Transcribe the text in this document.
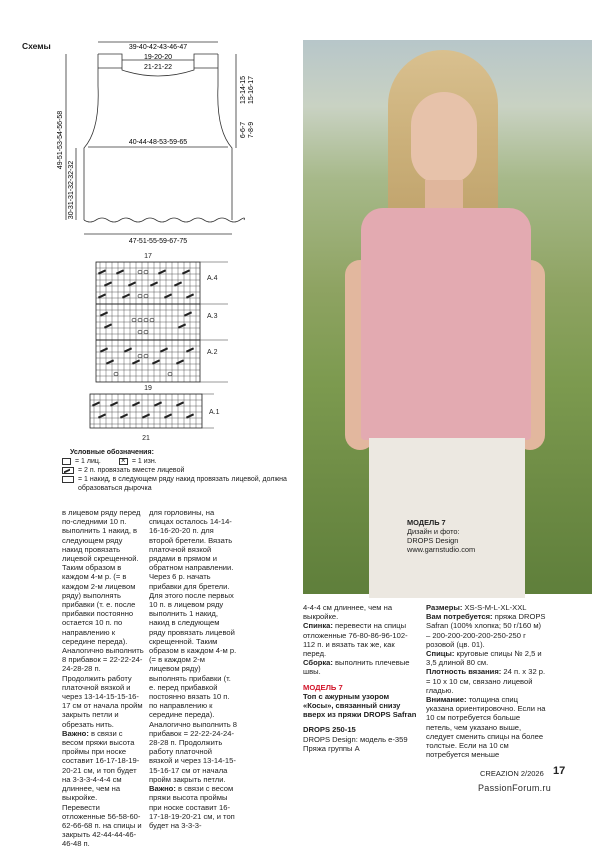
Схемы	39-40-42-43-46-47
19-20-20
21-21-22
40-44-48-53-59-65
47-51-55-59-67-75
13-14-15 15-16-17
6-6-7 7-8-9
49-51-53-54-56-58
30-31-31-32-32-32
17
19
21
A.4
A.3
A.2
A.1
Условные обозначения:
= 1 лиц.
×	= 1 изн.
= 2 п. провязать вместе лицевой
= 1 накид, в следующем ряду накид провязать лицевой, должна образоваться дырочка

в лицевом ряду перед по-следними 10 п. выполнить 1 накид, в следующем ряду накид провязать лицевой скрещенной. Таким образом в каждом 4-м р. (= в каждом 2-м лицевом ряду) выполнять прибавки (т. е. после прибавки постоянно остается 10 п. по направлению к середине переда). Аналогично выполнить 8 прибавок = 22-22-24-24-28-28 п.

Продолжить работу платочной вязкой и через 13-14-15-15-16-17 см от начала пройм закрыть петли и обрезать нить.

Важно: в связи с весом пряжи высота проймы при носке составит 16-17-18-19-20-21 см, и топ будет на 3-3-3-4-4-4 см длиннее, чем на выкройке.

Перевести отложенные 56-58-60-62-66-68 п. на спицы и закрыть 42-44-44-46-46-48 п.

для горловины, на спицах осталось 14-14-16-16-20-20 п. для второй бретели. Вязать платочной вязкой рядами в прямом и обратном направлении. Через 6 р. начать прибавки для бретели. Для этого после первых 10 п. в лицевом ряду выполнить 1 накид, накид в следующем ряду провязать лицевой скрещенной. Таким образом в каждом 4-м р. (= в каждом 2-м лицевом ряду) выполнять прибавки (т. е. перед прибавкой постоянно вязать 10 п. по направлению к середине переда). Аналогично выполнить 8 прибавок = 22-22-24-24-28-28 п. Продолжить работу платочной вязкой и через 13-14-15-15-16-17 см от начала пройм закрыть петли.

Важно: в связи с весом пряжи высота проймы при носке составит 16-17-18-19-20-21 см, и топ будет на 3-3-3-

4-4-4 см длиннее, чем на выкройке.

Спинка: перевести на спицы отложенные 76-80-86-96-102-112 п. и вязать так же, как перед.

Сборка: выполнить плечевые швы.

МОДЕЛЬ 7

Топ с ажурным узором «Косы», связанный снизу вверх из пряжи DROPS Safran

DROPS 250-15

DROPS Design: модель e-359

Пряжа группы А

Размеры: XS-S-M-L-XL-XXL

Вам потребуется: пряжа DROPS Safran (100% хлопка; 50 г/160 м) – 200-200-200-200-250-250 г розовой (цв. 01).

Спицы: круговые спицы № 2,5 и 3,5 длиной 80 см.

Плотность вязания: 24 п. х 32 р. = 10 х 10 см, связано лицевой гладью.

Внимание: толщина спиц указана ориентировочно. Если на 10 см потребуется больше петель, чем указано выше, следует сменить спицы на более толстые. Если на 10 см потребуется меньше

МОДЕЛЬ 7
Дизайн и фото:
DROPS Design
www.garnstudio.com
CREAZION 2/2026 17
PassionForum.ru
